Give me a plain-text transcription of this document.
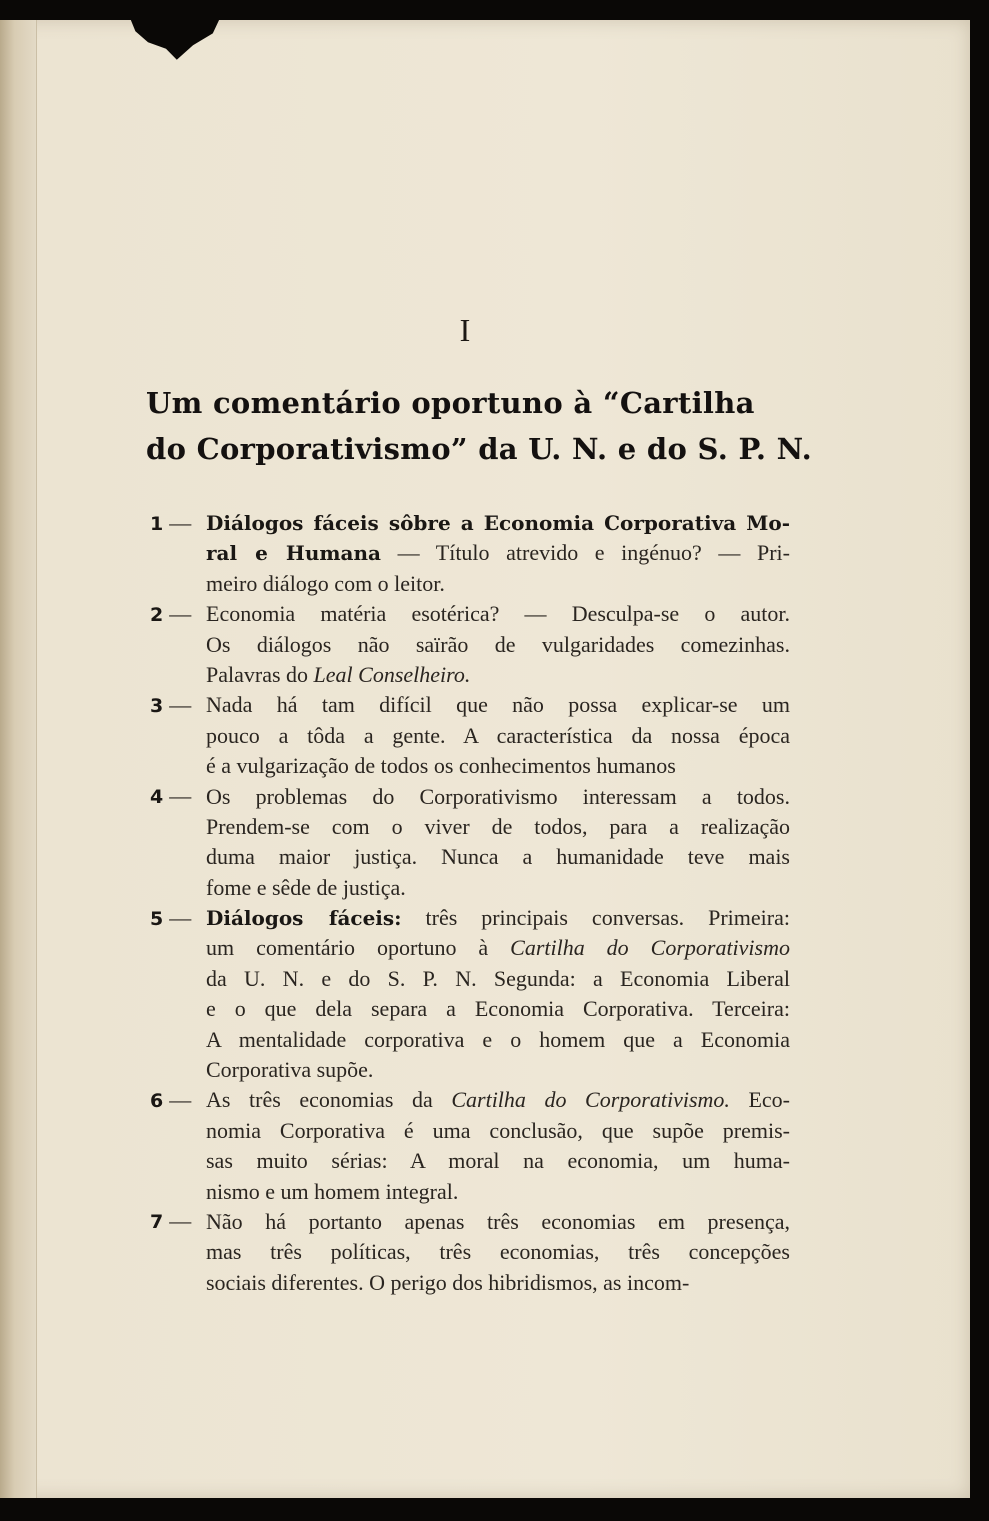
I
Um comentário oportuno à “Cartilha
do Corporativismo” da U. N. e do S. P. N.
1 — Diálogos fáceis sôbre a Economia Corporativa Mo-
ral e Humana — Título atrevido e ingénuo? — Pri-
meiro diálogo com o leitor.
2 — Economia matéria esotérica? — Desculpa-se o autor.
Os diálogos não saïrão de vulgaridades comezinhas.
Palavras do Leal Conselheiro.
3 — Nada há tam difícil que não possa explicar-se um
pouco a tôda a gente. A característica da nossa época
é a vulgarização de todos os conhecimentos humanos
4 — Os problemas do Corporativismo interessam a todos.
Prendem-se com o viver de todos, para a realização
duma maior justiça. Nunca a humanidade teve mais
fome e sêde de justiça.
5 — Diálogos fáceis: três principais conversas. Primeira:
um comentário oportuno à Cartilha do Corporativismo
da U. N. e do S. P. N. Segunda: a Economia Liberal
e o que dela separa a Economia Corporativa. Terceira:
A mentalidade corporativa e o homem que a Economia
Corporativa supõe.
6 — As três economias da Cartilha do Corporativismo. Eco-
nomia Corporativa é uma conclusão, que supõe premis-
sas muito sérias: A moral na economia, um huma-
nismo e um homem integral.
7 — Não há portanto apenas três economias em presença,
mas três políticas, três economias, três concepções
sociais diferentes. O perigo dos hibridismos, as incom-
